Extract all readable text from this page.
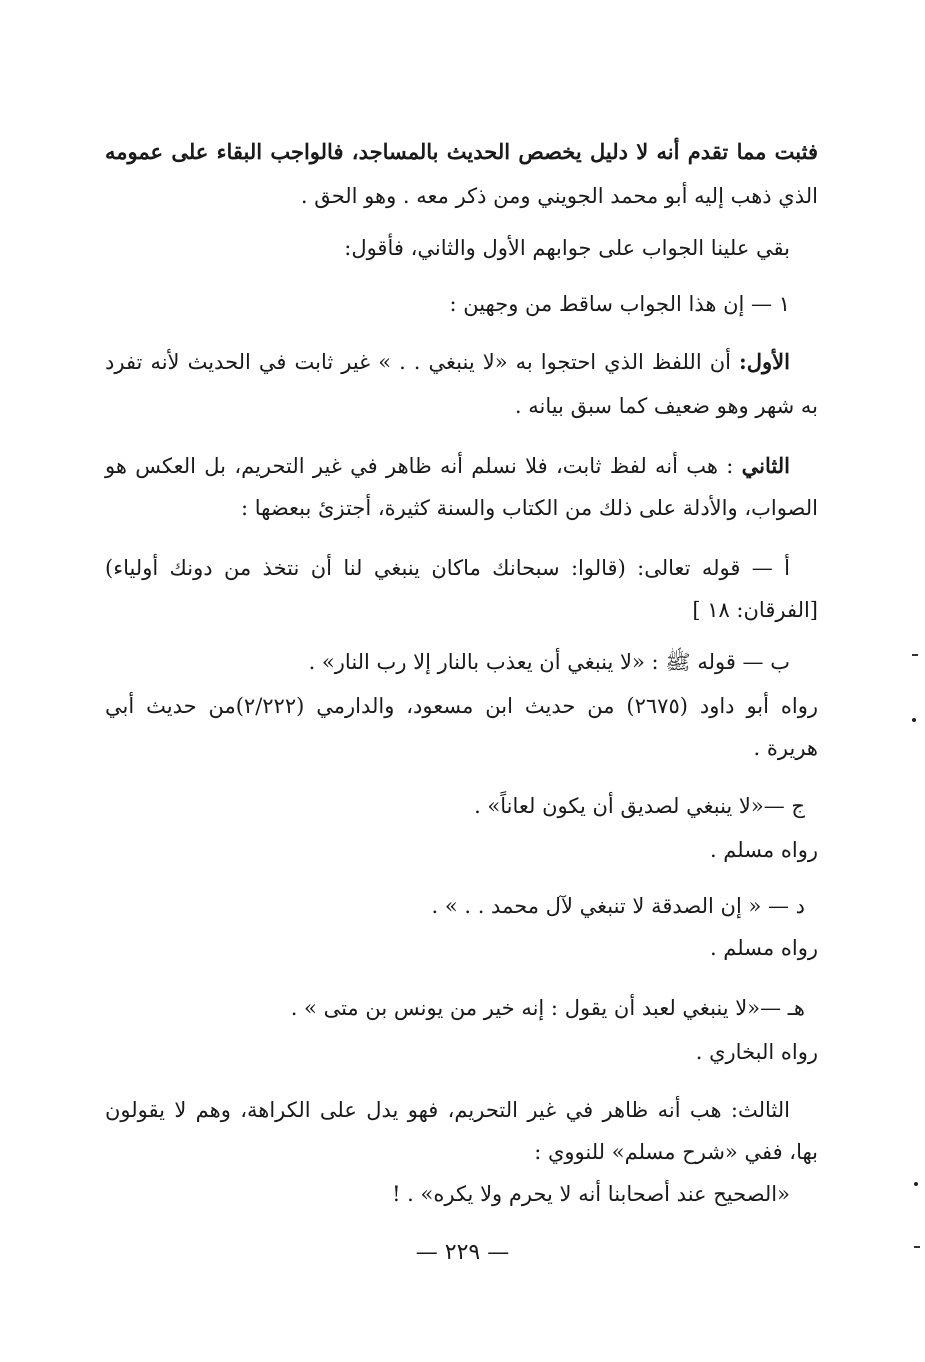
فثبت مما تقدم أنه لا دليل يخصص الحديث بالمساجد، فالواجب البقاء على عمومه
الذي ذهب إليه أبو محمد الجويني ومن ذكر معه . وهو الحق .
بقي علينا الجواب على جوابهم الأول والثاني، فأقول:
١ — إن هذا الجواب ساقط من وجهين :
الأول: أن اللفظ الذي احتجوا به «لا ينبغي . . » غير ثابت في الحديث لأنه تفرد
به شهر وهو ضعيف كما سبق بيانه .
الثاني : هب أنه لفظ ثابت، فلا نسلم أنه ظاهر في غير التحريم، بل العكس هو
الصواب، والأدلة على ذلك من الكتاب والسنة كثيرة، أجتزئ ببعضها :
أ — قوله تعالى: (قالوا: سبحانك ماكان ينبغي لنا أن نتخذ من دونك أولياء)
[الفرقان: ١٨ ]
ب — قوله ﷺ : «لا ينبغي أن يعذب بالنار إلا رب النار» .
رواه أبو داود (٢٦٧٥) من حديث ابن مسعود، والدارمي (٢/٢٢٢)من حديث أبي
هريرة .
ج —«لا ينبغي لصديق أن يكون لعاناً» .
رواه مسلم .
د — « إن الصدقة لا تنبغي لآل محمد . . » .
رواه مسلم .
هـ —«لا ينبغي لعبد أن يقول : إنه خير من يونس بن متى » .
رواه البخاري .
الثالث: هب أنه ظاهر في غير التحريم، فهو يدل على الكراهة، وهم لا يقولون
بها، ففي «شرح مسلم» للنووي :
«الصحيح عند أصحابنا أنه لا يحرم ولا يكره» . !
— ٢٢٩ —
